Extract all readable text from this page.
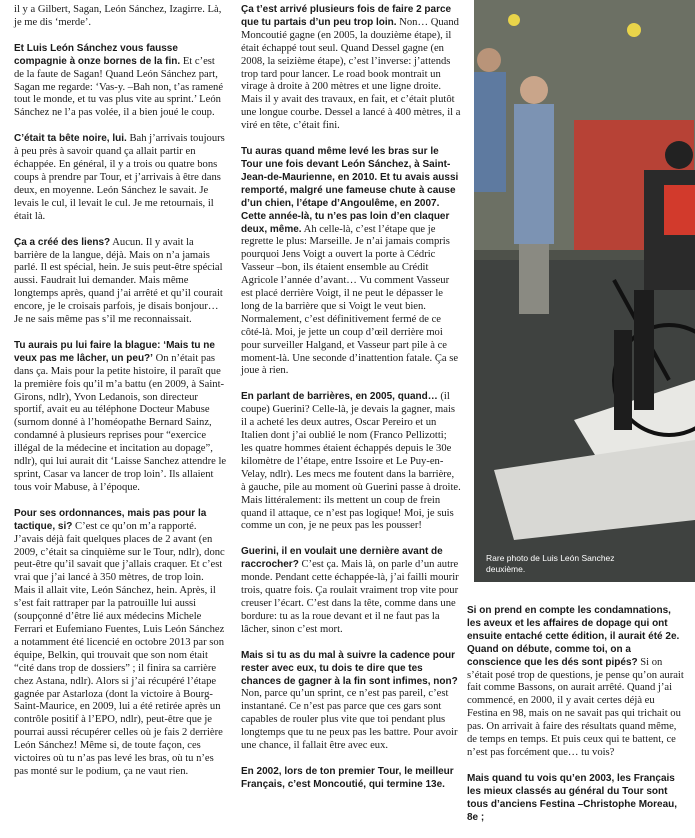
il y a Gilbert, Sagan, León Sánchez, Izagirre. Là, je me dis ‘merde’.

Et Luis León Sánchez vous fausse compagnie à onze bornes de la fin. Et c’est de la faute de Sagan! Quand León Sánchez part, Sagan me regarde: ‘Vas-y. –Bah non, t’as ramené tout le monde, et tu vas plus vite au sprint.’ León Sánchez ne l’a pas volée, il a bien joué le coup.

C’était ta bête noire, lui. Bah j’arrivais toujours à peu près à savoir quand ça allait partir en échappée. En général, il y a trois ou quatre bons coups à prendre par Tour, et j’arrivais à être dans deux, en moyenne. León Sánchez le savait. Je levais le cul, il levait le cul. Je me retournais, il était là.

Ça a créé des liens? Aucun. Il y avait la barrière de la langue, déjà. Mais on n’a jamais parlé. Il est spécial, hein. Je suis peut-être spécial aussi. Faudrait lui demander. Mais même longtemps après, quand j’ai arrêté et qu’il courait encore, je le croisais parfois, je disais bonjour… Je ne sais même pas s’il me reconnaissait.

Tu aurais pu lui faire la blague: ‘Mais tu ne veux pas me lâcher, un peu?’ On n’était pas dans ça. Mais pour la petite histoire, il paraît que la première fois qu’il m’a battu (en 2009, à Saint-Girons, ndlr), Yvon Ledanois, son directeur sportif, avait eu au téléphone Docteur Mabuse (surnom donné à l’homéopathe Bernard Sainz, condamné à plusieurs reprises pour “exercice illégal de la médecine et incitation au dopage”, ndlr), qui lui aurait dit ‘Laisse Sanchez attendre le sprint, Casar va lancer de trop loin’. Ils allaient tous voir Mabuse, à l’époque.

Pour ses ordonnances, mais pas pour la tactique, si? C’est ce qu’on m’a rapporté. J’avais déjà fait quelques places de 2 avant (en 2009, c’était sa cinquième sur le Tour, ndlr), donc peut-être qu’il savait que j’allais craquer. Et c’est vrai que j’ai lancé à 350 mètres, de trop loin. Mais il allait vite, León Sánchez, hein. Après, il s’est fait rattraper par la patrouille lui aussi (soupçonné d’être lié aux médecins Michele Ferrari et Eufemiano Fuentes, Luis León Sánchez a notamment été licencié en octobre 2013 par son équipe, Belkin, qui trouvait que son nom était “cité dans trop de dossiers” ; il finira sa carrière chez Astana, ndlr). Alors si j’ai récupéré l’étape gagnée par Astarloza (dont la victoire à Bourg-Saint-Maurice, en 2009, lui a été retirée après un contrôle positif à l’EPO, ndlr), peut-être que je pourrai aussi récupérer celles où je fais 2 derrière León Sánchez! Même si, de toute façon, ces victoires où tu n’as pas levé les bras, où tu n’es pas monté sur le podium, ça ne vaut rien.

Ça t’est arrivé plusieurs fois de faire 2 parce que tu partais d’un peu trop loin. Non… Quand Moncoutié gagne (en 2005, la douzième étape), il était échappé tout seul. Quand Dessel gagne (en 2008, la seizième étape), c’est l’inverse: j’attends trop tard pour lancer. Le road book montrait un virage à droite à 200 mètres et une ligne droite. Mais il y avait des travaux, en fait, et c’était plutôt une longue courbe. Dessel a lancé à 400 mètres, il a viré en tête, c’était fini.

Tu auras quand même levé les bras sur le Tour une fois devant León Sánchez, à Saint-Jean-de-Maurienne, en 2010. Et tu avais aussi remporté, malgré une fameuse chute à cause d’un chien, l’étape d’Angoulême, en 2007. Cette année-là, tu n’es pas loin d’en claquer deux, même. Ah celle-là, c’est l’étape que je regrette le plus: Marseille. Je n’ai jamais compris pourquoi Jens Voigt a ouvert la porte à Cédric Vasseur –bon, ils étaient ensemble au Crédit Agricole l’année d’avant… Vu comment Vasseur est placé derrière Voigt, il ne peut le dépasser le long de la barrière que si Voigt le veut bien. Normalement, c’est définitivement fermé de ce côté-là. Moi, je jette un coup d’œil derrière moi pour surveiller Halgand, et Vasseur part pile à ce moment-là. Une seconde d’inattention fatale. Ça se joue à rien.

En parlant de barrières, en 2005, quand… (il coupe) Guerini? Celle-là, je devais la gagner, mais il a acheté les deux autres, Oscar Pereiro et un Italien dont j’ai oublié le nom (Franco Pellizotti; les quatre hommes étaient échappés depuis le 30e kilomètre de l’étape, entre Issoire et Le Puy-en-Velay, ndlr). Les mecs me foutent dans la barrière, à gauche, pile au moment où Guerini passe à droite. Mais littéralement: ils mettent un coup de frein quand il attaque, ce n’est pas logique! Moi, je suis comme un con, je ne peux pas les pousser!

Guerini, il en voulait une dernière avant de raccrocher? C’est ça. Mais là, on parle d’un autre monde. Pendant cette échappée-là, j’ai failli mourir trois, quatre fois. Ça roulait vraiment trop vite pour creuser l’écart. C’est dans la tête, comme dans une bordure: tu as la roue devant et il ne faut pas la lâcher, sinon c’est mort.

Mais si tu as du mal à suivre la cadence pour rester avec eux, tu dois te dire que tes chances de gagner à la fin sont infimes, non? Non, parce qu’un sprint, ce n’est pas pareil, c’est instantané. Ce n’est pas parce que ces gars sont capables de rouler plus vite que toi pendant plus longtemps que tu ne peux pas les battre. Pour avoir une chance, il fallait être avec eux.

En 2002, lors de ton premier Tour, le meilleur Français, c’est Moncoutié, qui termine 13e.

Rare photo de Luis León Sanchez deuxième.

Si on prend en compte les condamnations, les aveux et les affaires de dopage qui ont ensuite entaché cette édition, il aurait été 2e. Quand on débute, comme toi, on a conscience que les dés sont pipés? Si on s’était posé trop de questions, je pense qu’on aurait fait comme Bassons, on aurait arrêté. Quand j’ai commencé, en 2000, il y avait certes déjà eu Festina en 98, mais on ne savait pas qui trichait ou pas. On arrivait à faire des résultats quand même, de temps en temps. Et puis ceux qui te battent, ce n’est pas forcément que… tu vois?

Mais quand tu vois qu’en 2003, les Français les mieux classés au général du Tour sont tous d’anciens Festina –Christophe Moreau, 8e ;
